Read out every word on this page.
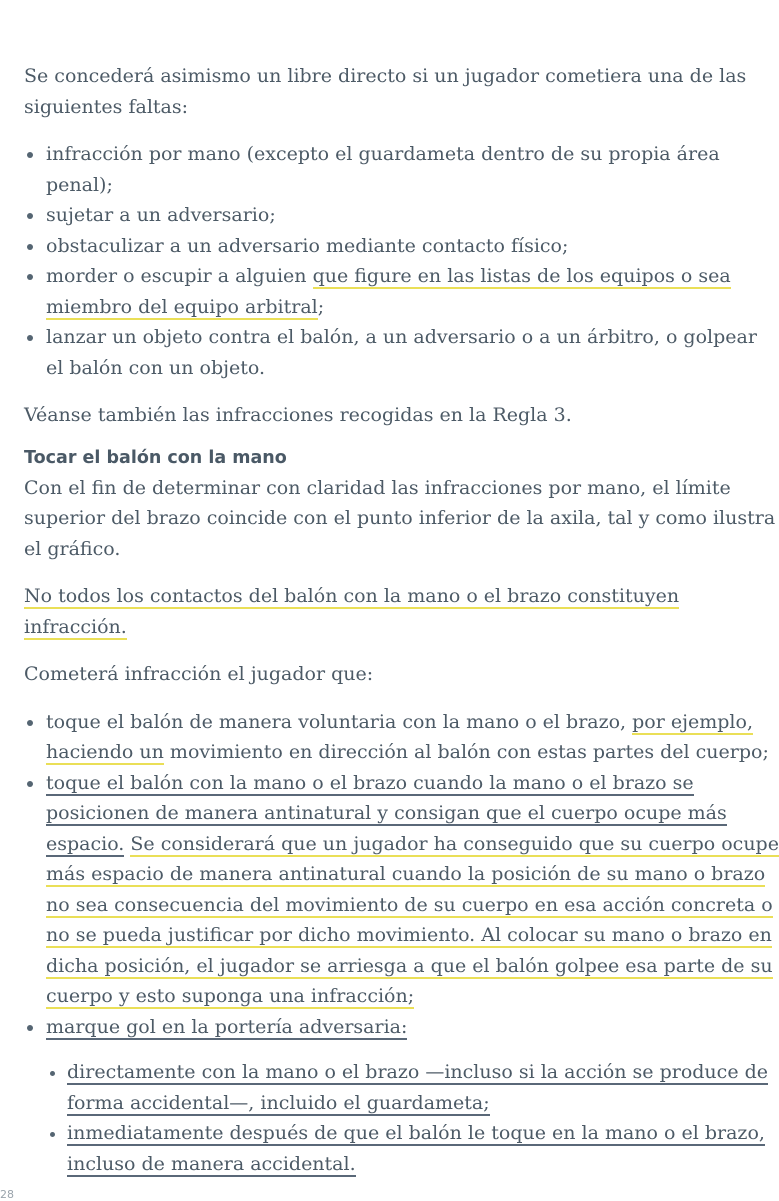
Se concederá asimismo un libre directo si un jugador cometiera una de las siguientes faltas:

infracción por mano (excepto el guardameta dentro de su propia área penal);
sujetar a un adversario;
obstaculizar a un adversario mediante contacto físico;
morder o escupir a alguien que figure en las listas de los equipos o sea miembro del equipo arbitral;
lanzar un objeto contra el balón, a un adversario o a un árbitro, o golpear el balón con un objeto.

Véanse también las infracciones recogidas en la Regla 3.

Tocar el balón con la mano

Con el fin de determinar con claridad las infracciones por mano, el límite superior del brazo coincide con el punto inferior de la axila, tal y como ilustra el gráfico.

No todos los contactos del balón con la mano o el brazo constituyen infracción.

Cometerá infracción el jugador que:

toque el balón de manera voluntaria con la mano o el brazo, por ejemplo, haciendo un movimiento en dirección al balón con estas partes del cuerpo;
toque el balón con la mano o el brazo cuando la mano o el brazo se posicionen de manera antinatural y consigan que el cuerpo ocupe más espacio. Se considerará que un jugador ha conseguido que su cuerpo ocupe más espacio de manera antinatural cuando la posición de su mano o brazo no sea consecuencia del movimiento de su cuerpo en esa acción concreta o no se pueda justificar por dicho movimiento. Al colocar su mano o brazo en dicha posición, el jugador se arriesga a que el balón golpee esa parte de su cuerpo y esto suponga una infracción;
marque gol en la portería adversaria:
directamente con la mano o el brazo —incluso si la acción se produce de forma accidental—, incluido el guardameta;
inmediatamente después de que el balón le toque en la mano o el brazo, incluso de manera accidental.
28
